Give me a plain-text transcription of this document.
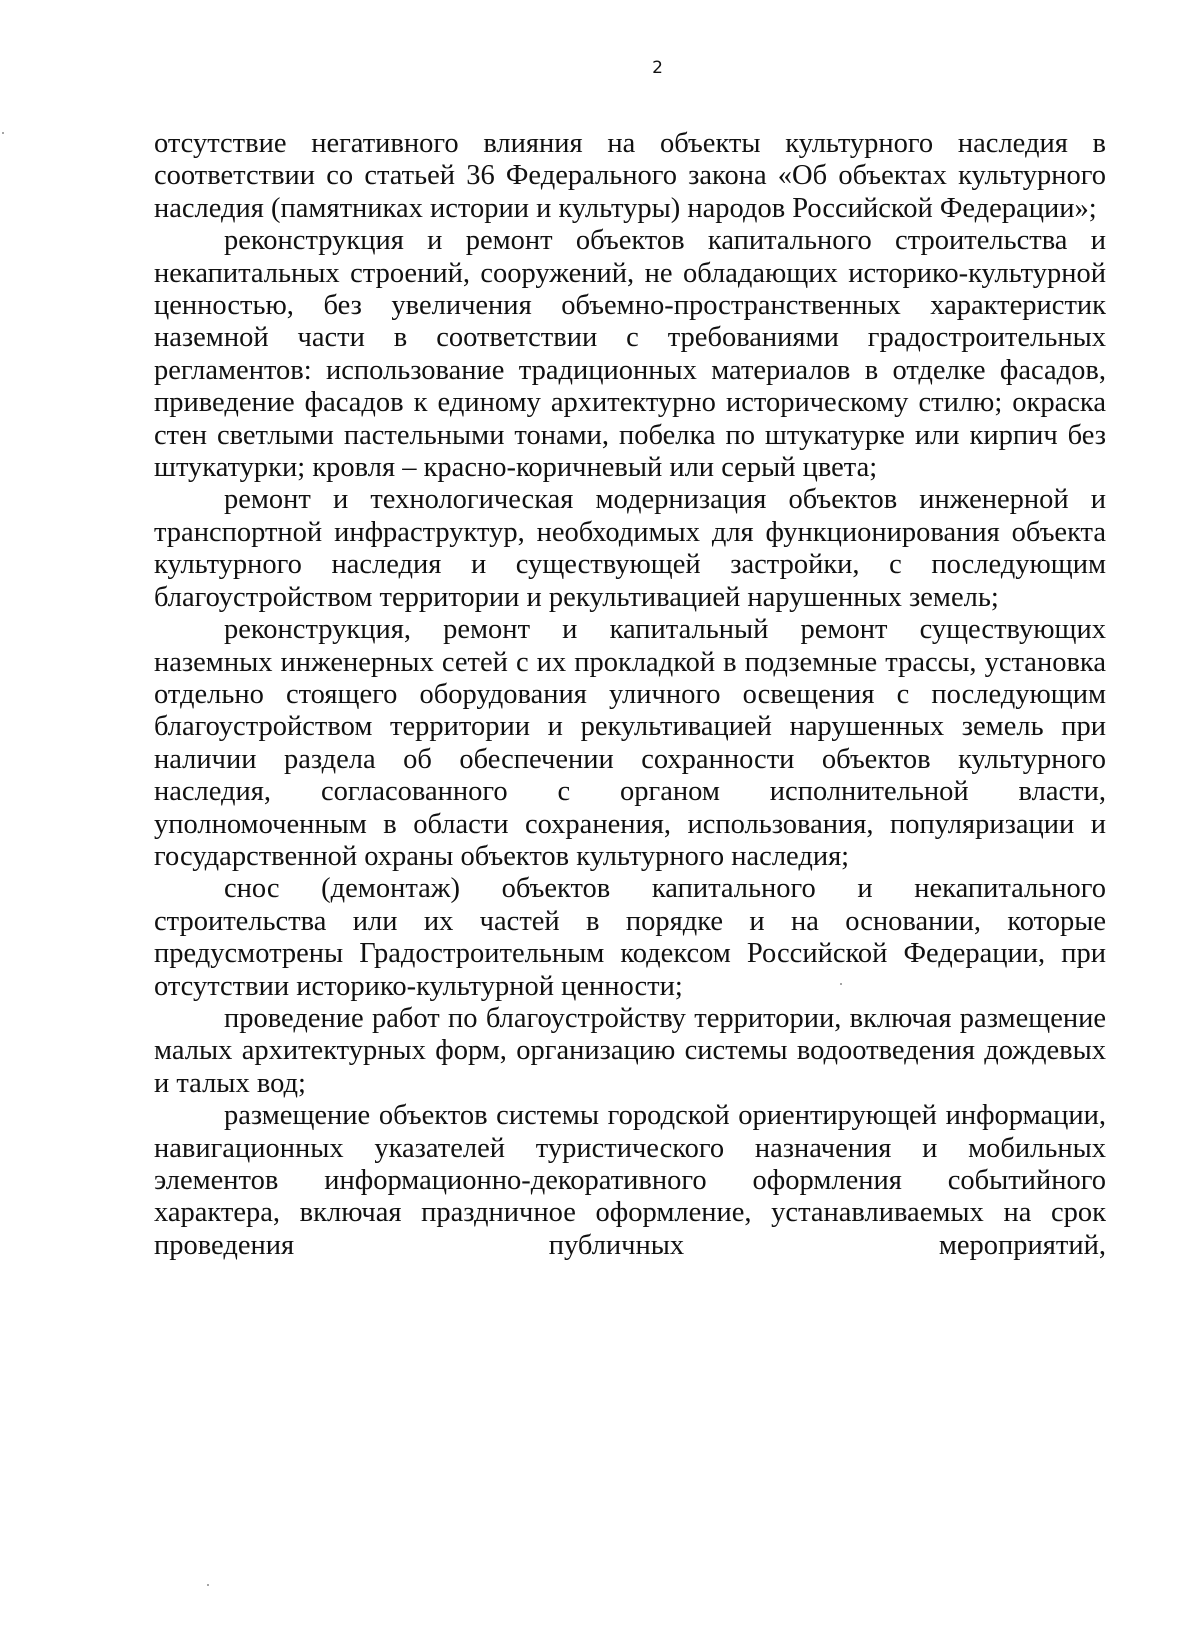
2

отсутствие негативного влияния на объекты культурного наследия в соответствии со статьей 36 Федерального закона «Об объектах культурного наследия (памятниках истории и культуры) народов Российской Федерации»;

реконструкция и ремонт объектов капитального строительства и некапитальных строений, сооружений, не обладающих историко-культурной ценностью, без увеличения объемно-пространственных характеристик наземной части в соответствии с требованиями градостроительных регламентов: использование традиционных материалов в отделке фасадов, приведение фасадов к единому архитектурно историческому стилю; окраска стен светлыми пастельными тонами, побелка по штукатурке или кирпич без штукатурки; кровля – красно-коричневый или серый цвета;

ремонт и технологическая модернизация объектов инженерной и транспортной инфраструктур, необходимых для функционирования объекта культурного наследия и существующей застройки, с последующим благоустройством территории и рекультивацией нарушенных земель;

реконструкция, ремонт и капитальный ремонт существующих наземных инженерных сетей с их прокладкой в подземные трассы, установка отдельно стоящего оборудования уличного освещения с последующим благоустройством территории и рекультивацией нарушенных земель при наличии раздела об обеспечении сохранности объектов культурного наследия, согласованного с органом исполнительной власти, уполномоченным в области сохранения, использования, популяризации и государственной охраны объектов культурного наследия;

снос (демонтаж) объектов капитального и некапитального строительства или их частей в порядке и на основании, которые предусмотрены Градостроительным кодексом Российской Федерации, при отсутствии историко-культурной ценности;

проведение работ по благоустройству территории, включая размещение малых архитектурных форм, организацию системы водоотведения дождевых и талых вод;

размещение объектов системы городской ориентирующей информации, навигационных указателей туристического назначения и мобильных элементов информационно-декоративного оформления событийного характера, включая праздничное оформление, устанавливаемых на срок проведения публичных мероприятий,
